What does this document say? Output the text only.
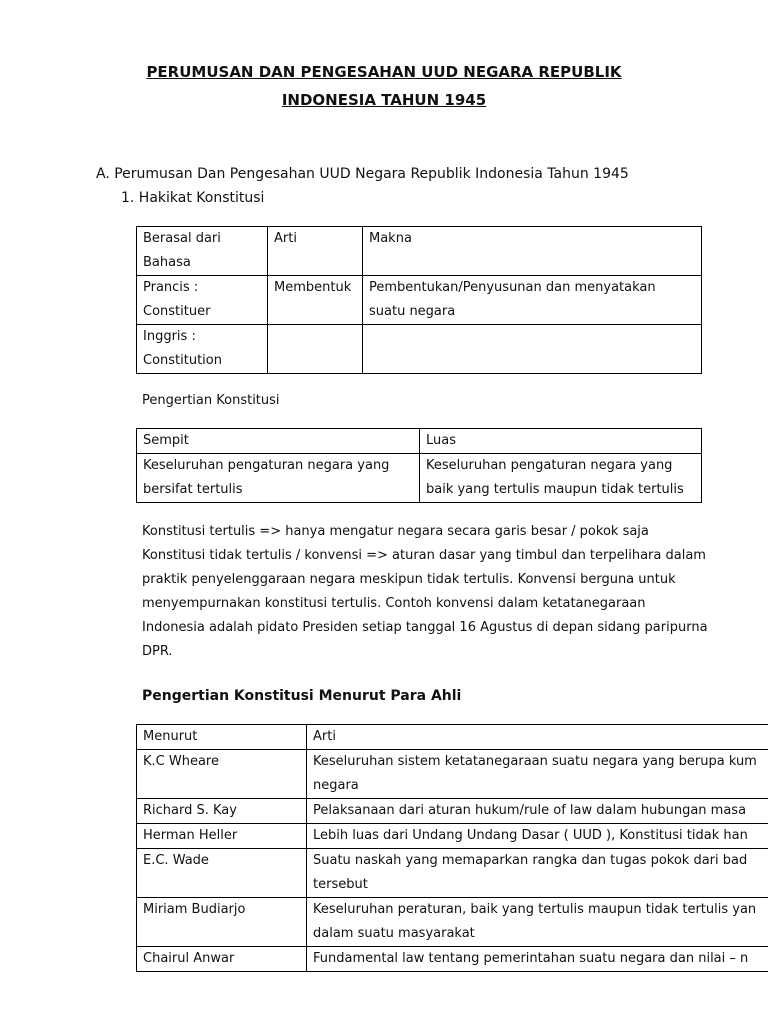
PERUMUSAN DAN PENGESAHAN UUD NEGARA REPUBLIK
INDONESIA TAHUN 1945
A. Perumusan Dan Pengesahan UUD Negara Republik Indonesia Tahun 1945
1. Hakikat Konstitusi
Berasal dari Bahasa	Arti	Makna
Prancis : Constituer	Membentuk	Pembentukan/Penyusunan dan menyatakan suatu negara
Inggris : Constitution		
Pengertian Konstitusi
Sempit	Luas
Keseluruhan pengaturan negara yang bersifat tertulis	Keseluruhan pengaturan negara yang baik yang tertulis maupun tidak tertulis
Konstitusi tertulis => hanya mengatur negara secara garis besar / pokok saja
Konstitusi tidak tertulis / konvensi => aturan dasar yang timbul dan terpelihara dalam praktik penyelenggaraan negara meskipun tidak tertulis. Konvensi berguna untuk menyempurnakan konstitusi tertulis. Contoh konvensi dalam ketatanegaraan Indonesia adalah pidato Presiden setiap tanggal 16 Agustus di depan sidang paripurna DPR.
Pengertian Konstitusi Menurut Para Ahli
Menurut	Arti
K.C Wheare	Keseluruhan sistem ketatanegaraan suatu negara yang berupa kum
negara

Richard S. Kay	Pelaksanaan dari aturan hukum/rule of law dalam hubungan masa
Herman Heller	Lebih luas dari Undang Undang Dasar ( UUD ), Konstitusi tidak han
E.C. Wade	Suatu naskah yang memaparkan rangka dan tugas pokok dari bad
tersebut

Miriam Budiarjo	Keseluruhan peraturan, baik yang tertulis maupun tidak tertulis yan
dalam suatu masyarakat

Chairul Anwar	Fundamental law tentang pemerintahan suatu negara dan nilai – n
